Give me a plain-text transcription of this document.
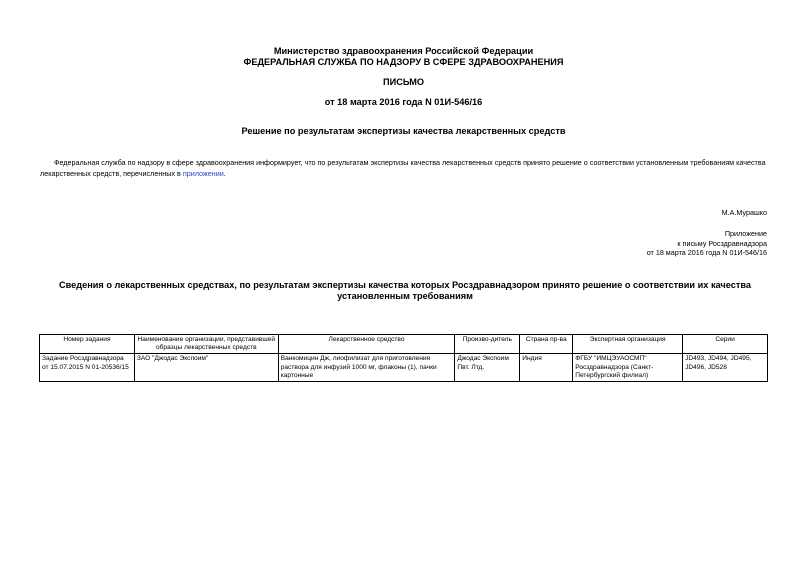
Министерство здравоохранения Российской Федерации
ФЕДЕРАЛЬНАЯ СЛУЖБА ПО НАДЗОРУ В СФЕРЕ ЗДРАВООХРАНЕНИЯ
ПИСЬМО
от 18 марта 2016 года N 01И-546/16
Решение по результатам экспертизы качества лекарственных средств
Федеральная служба по надзору в сфере здравоохранения информирует, что по результатам экспертизы качества лекарственных средств принято решение о соответствии установленным требованиям качества лекарственных средств, перечисленных в приложении.
М.А.Мурашко
Приложение
к письму Росздравнадзора
от 18 марта 2016 года N 01И-546/16
Сведения о лекарственных средствах, по результатам экспертизы качества которых Росздравнадзором принято решение о соответствии их качества установленным требованиям
Номер задания	Наименование организации, представившей образцы лекарственных средств	Лекарственное средство	Произво-дитель	Страна пр-ва	Экспертная организация	Серии
Задание Росздравнадзора от 15.07.2015 N 01-20536/15	ЗАО "Джодас Экспоим"	Ванкомицин Дж, лиофилизат для приготовления раствора для инфузий 1000 мг, флаконы (1), пачки картонные	Джодас Экспоим Пвт. Лтд.	Индия	ФГБУ "ИМЦЭУАОСМП" Росздравнадзора (Санкт-Петербургский филиал)	JD493, JD494, JD495, JD496, JD528
